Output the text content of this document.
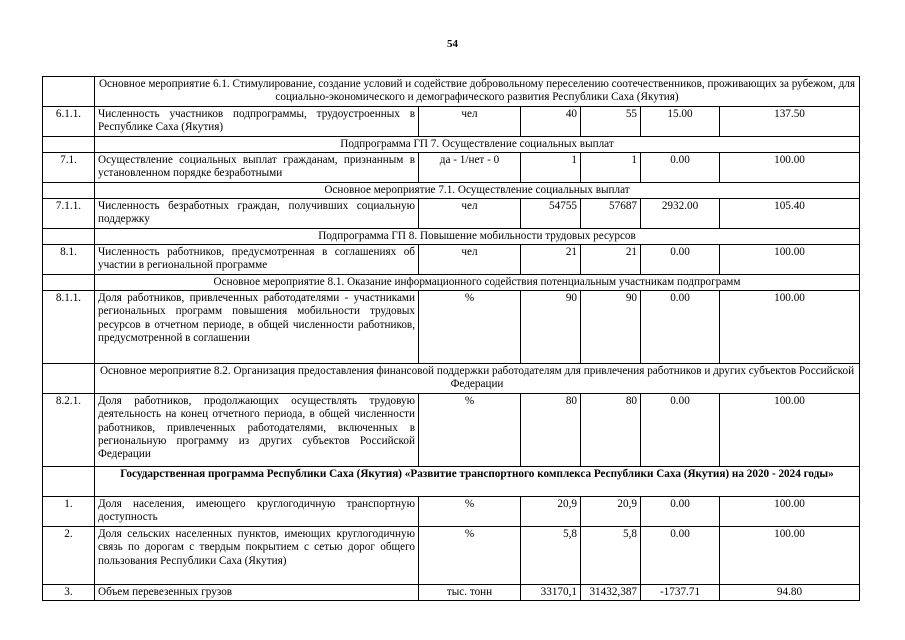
54
	Основное мероприятие 6.1. Стимулирование, создание условий и содействие добровольному переселению соотечественников, проживающих за рубежом, для социально-экономического и демографического развития Республики Саха (Якутия)					
6.1.1.	Численность участников подпрограммы, трудоустроенных в Республике Саха (Якутия)	чел	40	55	15.00	137.50
	Подпрограмма ГП 7. Осуществление социальных выплат					
7.1.	Осуществление социальных выплат гражданам, признанным в установленном порядке безработными	да - 1/нет - 0	1	1	0.00	100.00
	Основное мероприятие 7.1. Осуществление социальных выплат					
7.1.1.	Численность безработных граждан, получивших социальную поддержку	чел	54755	57687	2932.00	105.40
	Подпрограмма ГП 8. Повышение мобильности трудовых ресурсов					
8.1.	Численность работников, предусмотренная в соглашениях об участии в региональной программе	чел	21	21	0.00	100.00
	Основное мероприятие 8.1. Оказание информационного содействия потенциальным участникам подпрограмм					
8.1.1.	Доля работников, привлеченных работодателями - участниками региональных программ повышения мобильности трудовых ресурсов в отчетном периоде, в общей численности работников, предусмотренной в соглашении	%	90	90	0.00	100.00
	Основное мероприятие 8.2. Организация предоставления финансовой поддержки работодателям для привлечения работников и других субъектов Российской Федерации					
8.2.1.	Доля работников, продолжающих осуществлять трудовую деятельность на конец отчетного периода, в общей численности работников, привлеченных работодателями, включенных в региональную программу из других субъектов Российской Федерации	%	80	80	0.00	100.00
	Государственная программа Республики Саха (Якутия) «Развитие транспортного комплекса Республики Саха (Якутия) на 2020 - 2024 годы»					
1.	Доля населения, имеющего круглогодичную транспортную доступность	%	20,9	20,9	0.00	100.00
2.	Доля сельских населенных пунктов, имеющих круглогодичную связь по дорогам с твердым покрытием с сетью дорог общего пользования Республики Саха (Якутия)	%	5,8	5,8	0.00	100.00
3.	Объем перевезенных грузов	тыс. тонн	33170,1	31432,387	-1737.71	94.80
